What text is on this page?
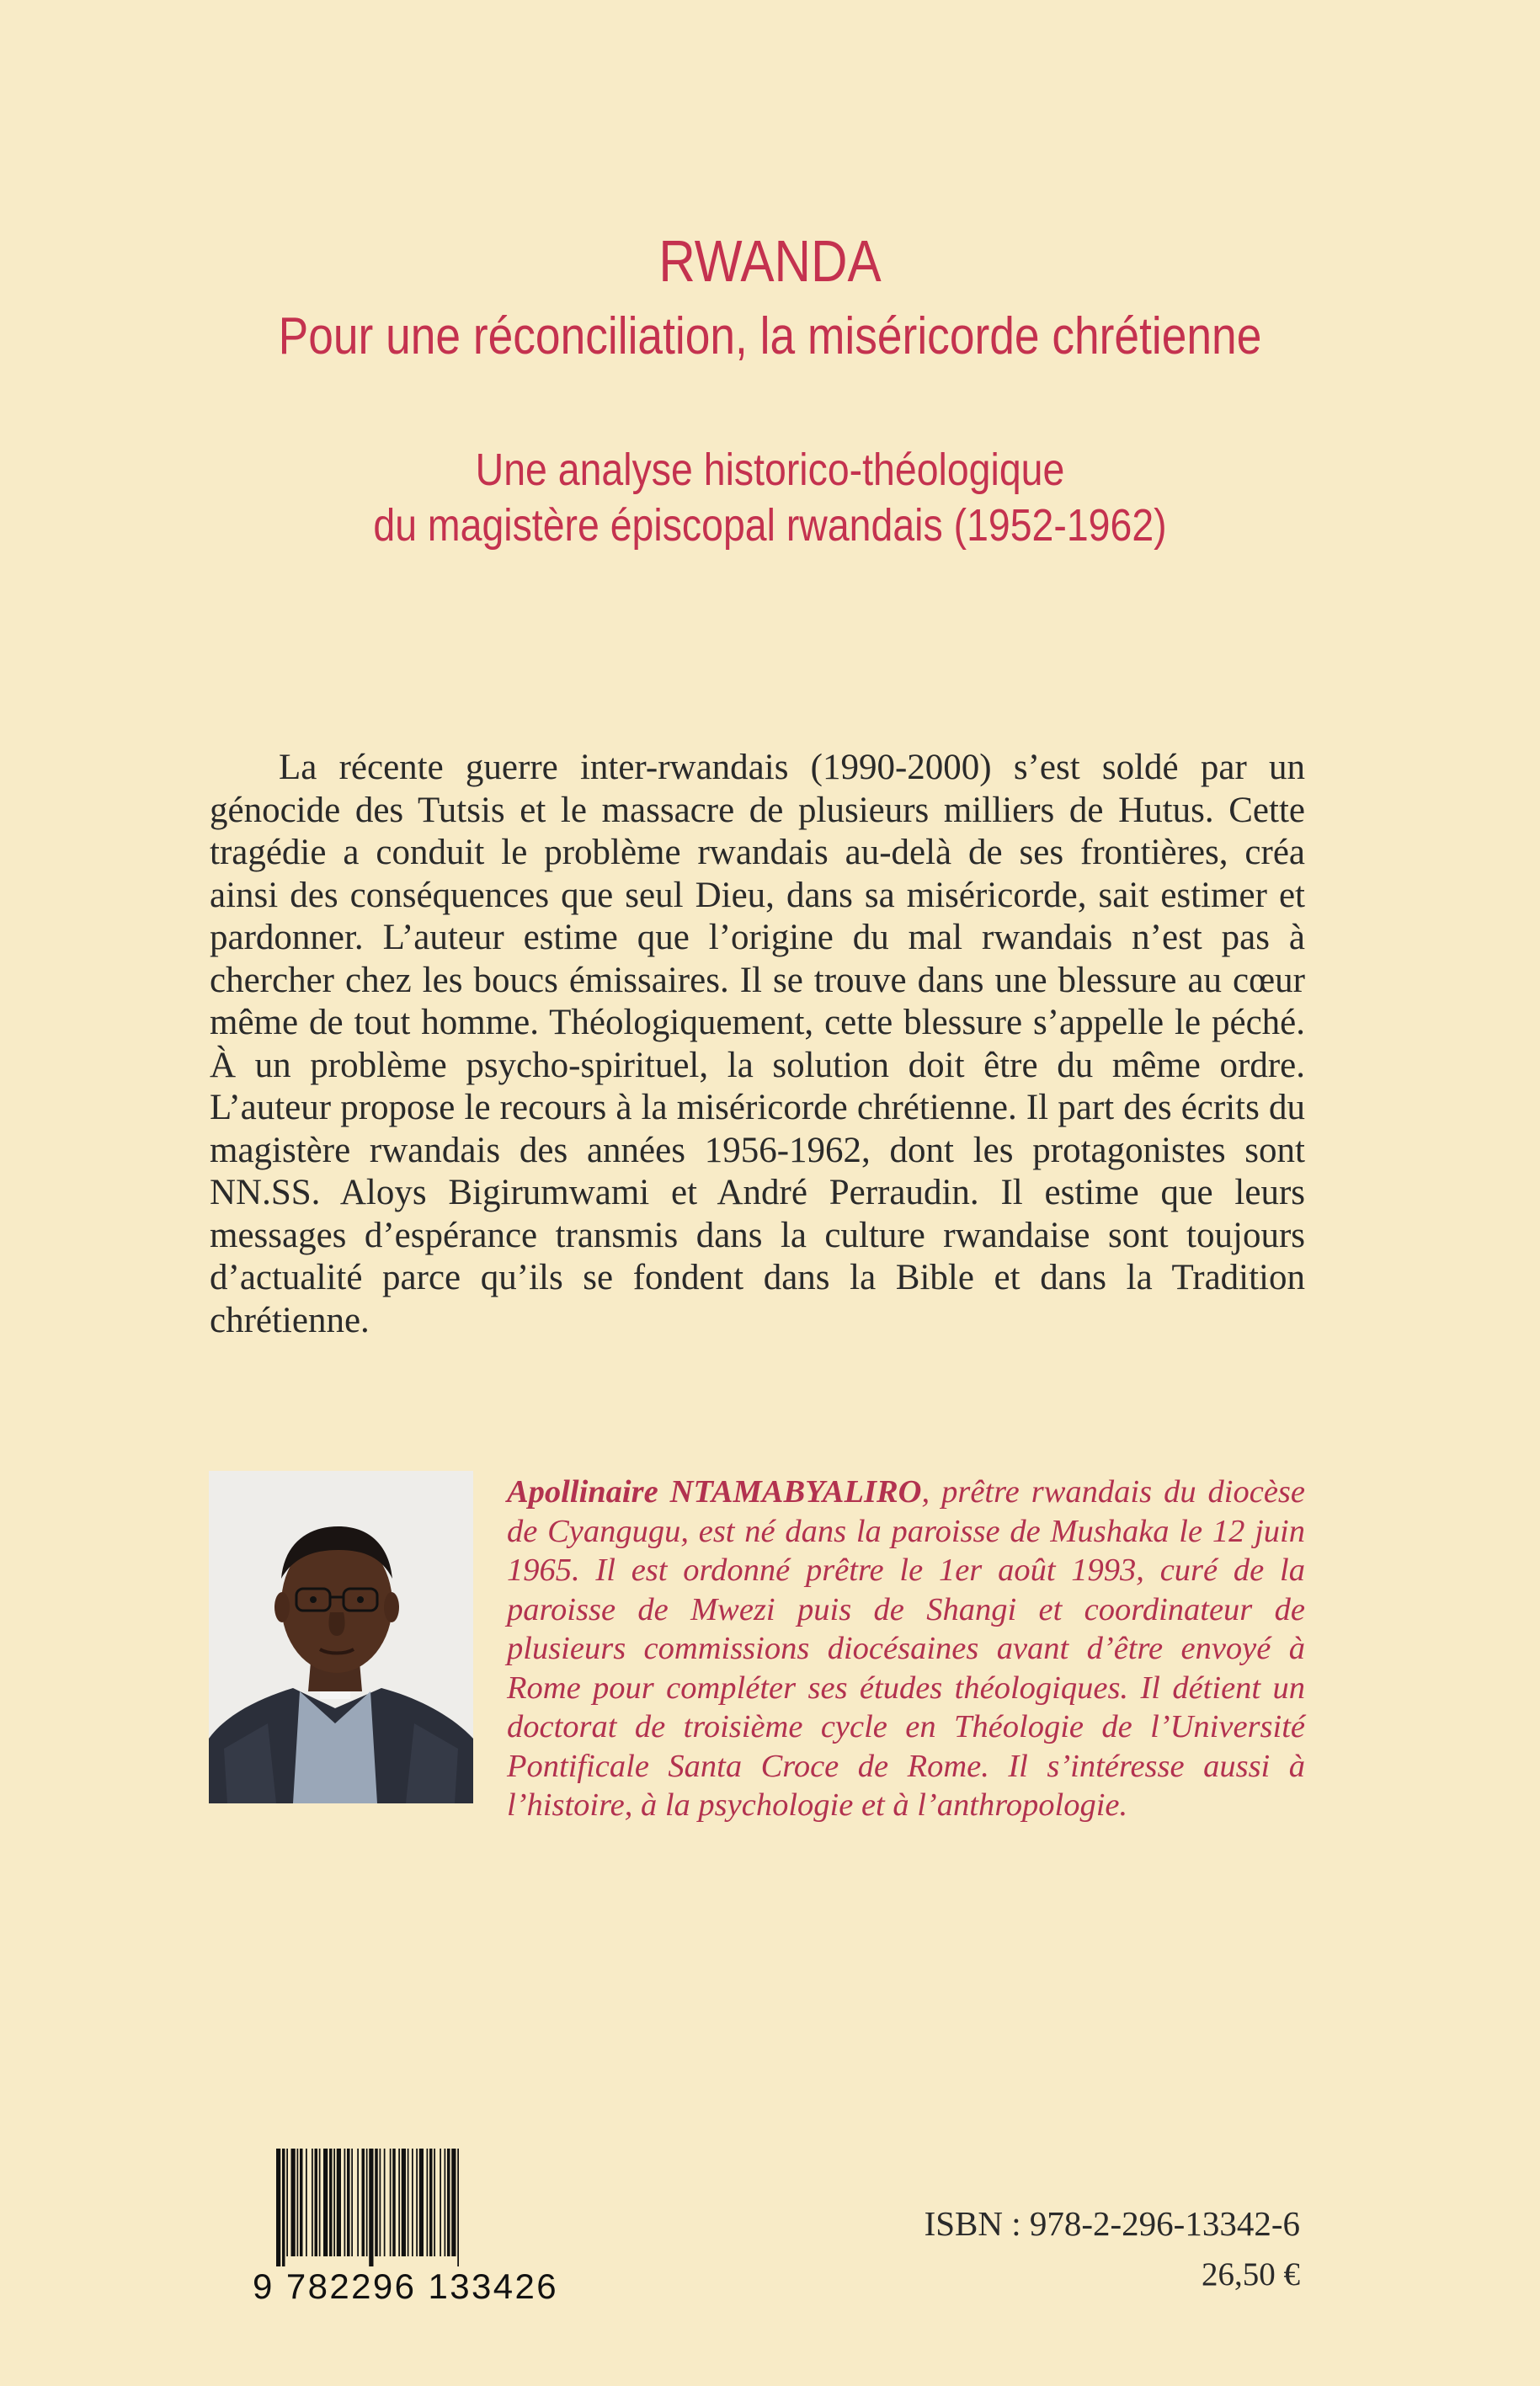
RWANDA
Pour une réconciliation, la miséricorde chrétienne

Une analyse historico-théologique

du magistère épiscopal rwandais (1952-1962)

La récente guerre inter-rwandais (1990-2000) s’est soldé par un génocide des Tutsis et le massacre de plusieurs milliers de Hutus. Cette tragédie a conduit le problème rwandais au-delà de ses frontières, créa ainsi des conséquences que seul Dieu, dans sa miséricorde, sait estimer et pardonner. L’auteur estime que l’origine du mal rwandais n’est pas à chercher chez les boucs émissaires. Il se trouve dans une blessure au cœur même de tout homme. Théologiquement, cette blessure s’appelle le péché. À un problème psycho-spirituel, la solution doit être du même ordre. L’auteur propose le recours à la miséricorde chrétienne. Il part des écrits du magistère rwandais des années 1956-1962, dont les protagonistes sont NN.SS. Aloys Bigirumwami et André Perraudin. Il estime que leurs messages d’espérance transmis dans la culture rwandaise sont toujours d’actualité parce qu’ils se fondent dans la Bible et dans la Tradition chrétienne.

Apollinaire NTAMABYALIRO, prêtre rwandais du diocèse de Cyangugu, est né dans la paroisse de Mushaka le 12 juin 1965. Il est ordonné prêtre le 1er août 1993, curé de la paroisse de Mwezi puis de Shangi et coordinateur de plusieurs commissions diocésaines avant d’être envoyé à Rome pour compléter ses études théologiques. Il détient un doctorat de troisième cycle en Théologie de l’Université Pontificale Santa Croce de Rome. Il s’intéresse aussi à l’histoire, à la psychologie et à l’anthropologie.

9 782296 133426
ISBN : 978-2-296-13342-6
26,50 €
